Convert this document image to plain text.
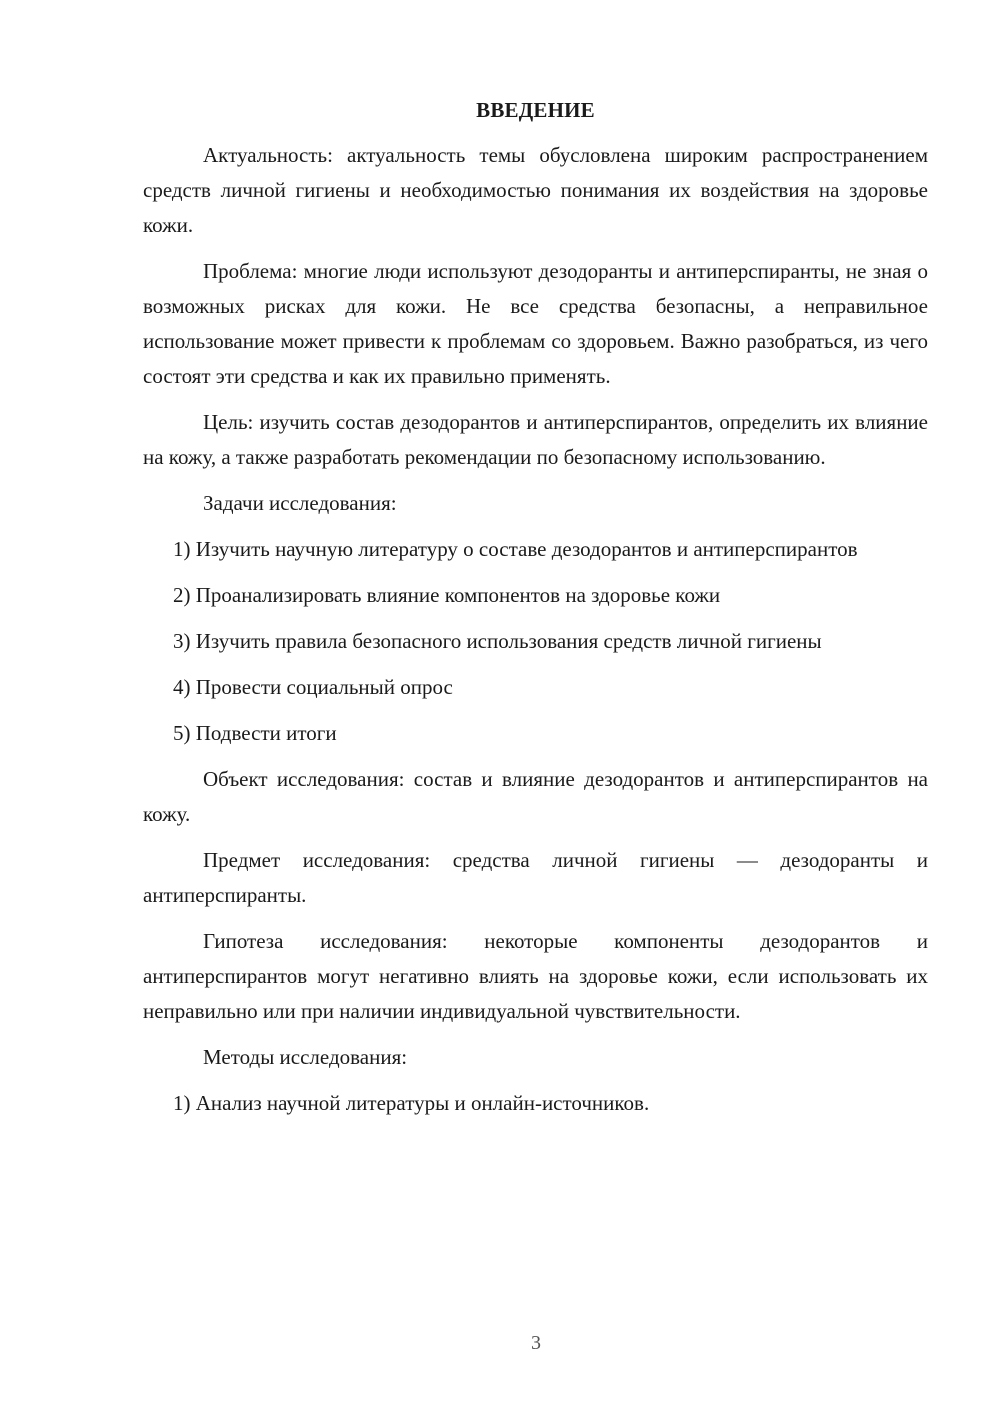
ВВЕДЕНИЕ

Актуальность: актуальность темы обусловлена широким распространением средств личной гигиены и необходимостью понимания их воздействия на здоровье кожи.

Проблема: многие люди используют дезодоранты и антиперспиранты, не зная о возможных рисках для кожи. Не все средства безопасны, а неправильное использование может привести к проблемам со здоровьем. Важно разобраться, из чего состоят эти средства и как их правильно применять.

Цель: изучить состав дезодорантов и антиперспирантов, определить их влияние на кожу, а также разработать рекомендации по безопасному использованию.

Задачи исследования:

1) Изучить научную литературу о составе дезодорантов и антиперспирантов

2) Проанализировать влияние компонентов на здоровье кожи

3) Изучить правила безопасного использования средств личной гигиены

4) Провести социальный опрос

5) Подвести итоги

Объект исследования: состав и влияние дезодорантов и антиперспирантов на кожу.

Предмет исследования: средства личной гигиены — дезодоранты и антиперспиранты.

Гипотеза исследования: некоторые компоненты дезодорантов и антиперспирантов могут негативно влиять на здоровье кожи, если использовать их неправильно или при наличии индивидуальной чувствительности.

Методы исследования:

1) Анализ научной литературы и онлайн-источников.

3
